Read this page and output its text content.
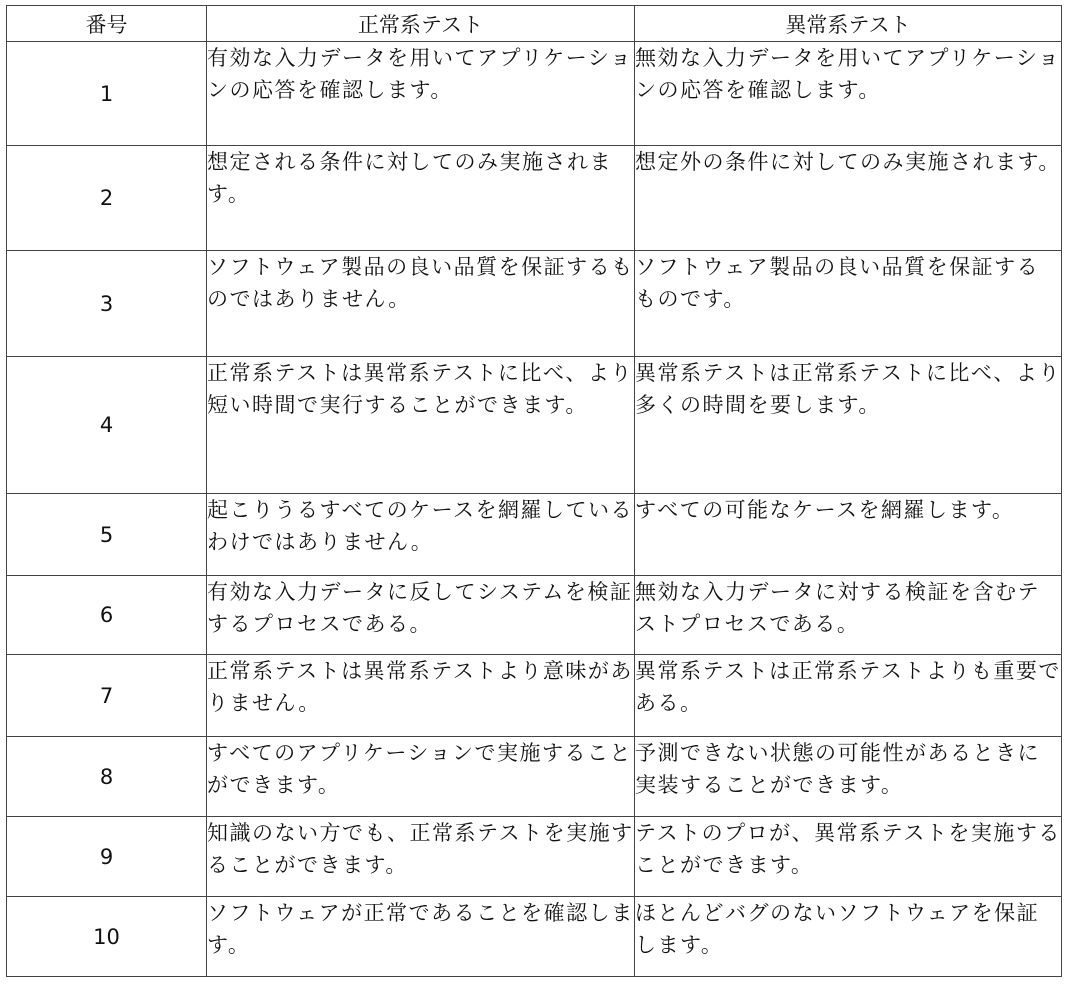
番号	正常系テスト	異常系テスト
1	有効な入力データを用いてアプリケーションの応答を確認します。	無効な入力データを用いてアプリケーションの応答を確認します。
2	想定される条件に対してのみ実施されます。	想定外の条件に対してのみ実施されます。
3	ソフトウェア製品の良い品質を保証するものではありません。	ソフトウェア製品の良い品質を保証するものです。
4	正常系テストは異常系テストに比べ、より短い時間で実行することができます。	異常系テストは正常系テストに比べ、より多くの時間を要します。
5	起こりうるすべてのケースを網羅しているわけではありません。	すべての可能なケースを網羅します。
6	有効な入力データに反してシステムを検証するプロセスである。	無効な入力データに対する検証を含むテストプロセスである。
7	正常系テストは異常系テストより意味がありません。	異常系テストは正常系テストよりも重要である。
8	すべてのアプリケーションで実施することができます。	予測できない状態の可能性があるときに実装することができます。
9	知識のない方でも、正常系テストを実施することができます。	テストのプロが、異常系テストを実施することができます。
10	ソフトウェアが正常であることを確認します。	ほとんどバグのないソフトウェアを保証します。
